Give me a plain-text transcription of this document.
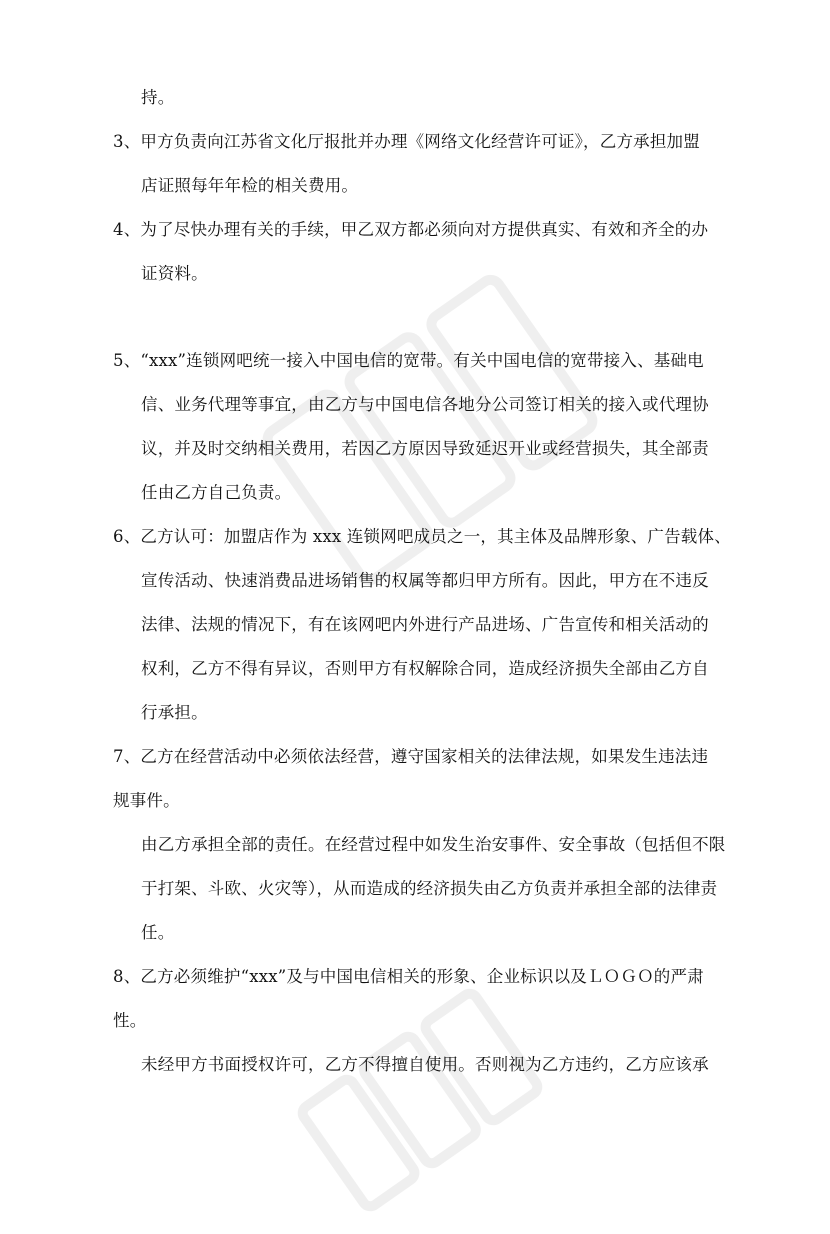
持。
3、甲方负责向江苏省文化厅报批并办理《网络文化经营许可证》，乙方承担加盟
店证照每年年检的相关费用。
4、为了尽快办理有关的手续，甲乙双方都必须向对方提供真实、有效和齐全的办
证资料。
5、“xxx”连锁网吧统一接入中国电信的宽带。有关中国电信的宽带接入、基础电
信、业务代理等事宜，由乙方与中国电信各地分公司签订相关的接入或代理协
议，并及时交纳相关费用，若因乙方原因导致延迟开业或经营损失，其全部责
任由乙方自己负责。
6、乙方认可：加盟店作为 xxx 连锁网吧成员之一，其主体及品牌形象、广告载体、
宣传活动、快速消费品进场销售的权属等都归甲方所有。因此，甲方在不违反
法律、法规的情况下，有在该网吧内外进行产品进场、广告宣传和相关活动的
权利，乙方不得有异议，否则甲方有权解除合同，造成经济损失全部由乙方自
行承担。
7、乙方在经营活动中必须依法经营，遵守国家相关的法律法规，如果发生违法违
规事件。
由乙方承担全部的责任。在经营过程中如发生治安事件、安全事故（包括但不限
于打架、斗欧、火灾等），从而造成的经济损失由乙方负责并承担全部的法律责
任。
8、乙方必须维护“xxx”及与中国电信相关的形象、企业标识以及ＬＯＧＯ的严肃
性。
未经甲方书面授权许可，乙方不得擅自使用。否则视为乙方违约，乙方应该承
